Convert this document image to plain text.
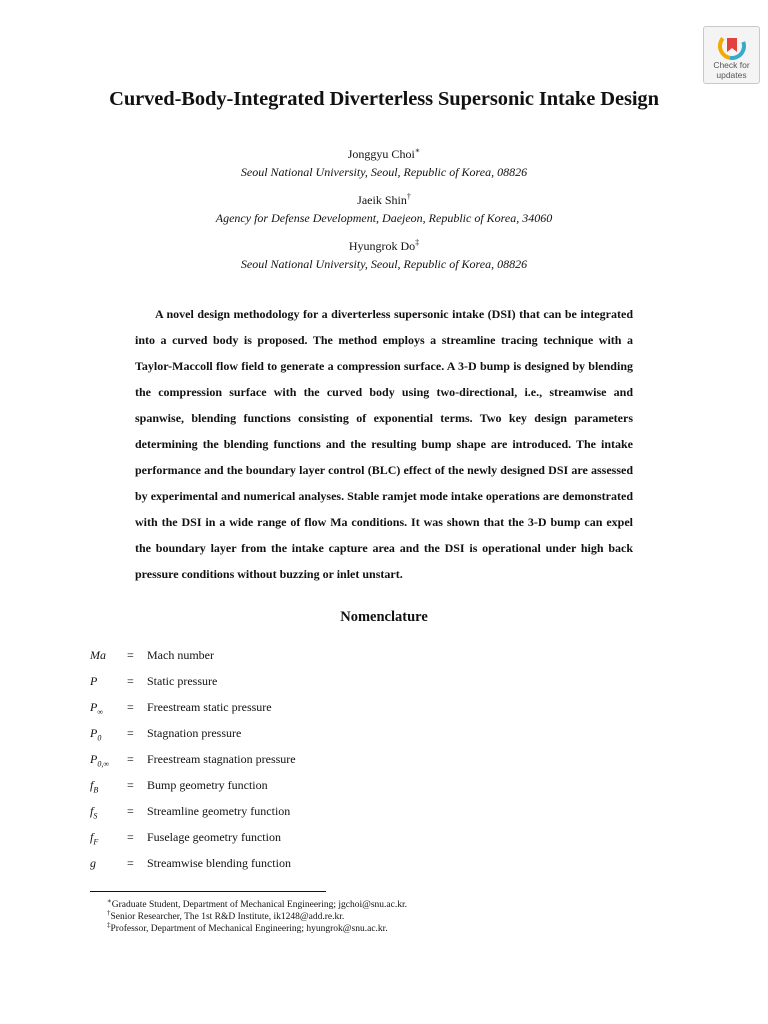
Check for
updates
Curved-Body-Integrated Diverterless Supersonic Intake Design
Jonggyu Choi∗
Seoul National University, Seoul, Republic of Korea, 08826
Jaeik Shin†
Agency for Defense Development, Daejeon, Republic of Korea, 34060
Hyungrok Do‡
Seoul National University, Seoul, Republic of Korea, 08826
A novel design methodology for a diverterless supersonic intake (DSI) that can be integrated into a curved body is proposed. The method employs a streamline tracing technique with a Taylor-Maccoll flow field to generate a compression surface. A 3-D bump is designed by blending the compression surface with the curved body using two-directional, i.e., streamwise and spanwise, blending functions consisting of exponential terms. Two key design parameters determining the blending functions and the resulting bump shape are introduced. The intake performance and the boundary layer control (BLC) effect of the newly designed DSI are assessed by experimental and numerical analyses. Stable ramjet mode intake operations are demonstrated with the DSI in a wide range of flow Ma conditions. It was shown that the 3-D bump can expel the boundary layer from the intake capture area and the DSI is operational under high back pressure conditions without buzzing or inlet unstart.
Nomenclature
Ma = Mach number
P = Static pressure
$P_\infty$ = Freestream static pressure
$P_0$ = Stagnation pressure
$P_{0,\infty}$ = Freestream stagnation pressure
$f_B$ = Bump geometry function
$f_S$ = Streamline geometry function
$f_F$ = Fuselage geometry function
g	= Streamwise blending function
∗Graduate Student, Department of Mechanical Engineering; jgchoi@snu.ac.kr.
†Senior Researcher, The 1st R&D Institute, ik1248@add.re.kr.
‡Professor, Department of Mechanical Engineering; hyungrok@snu.ac.kr.
